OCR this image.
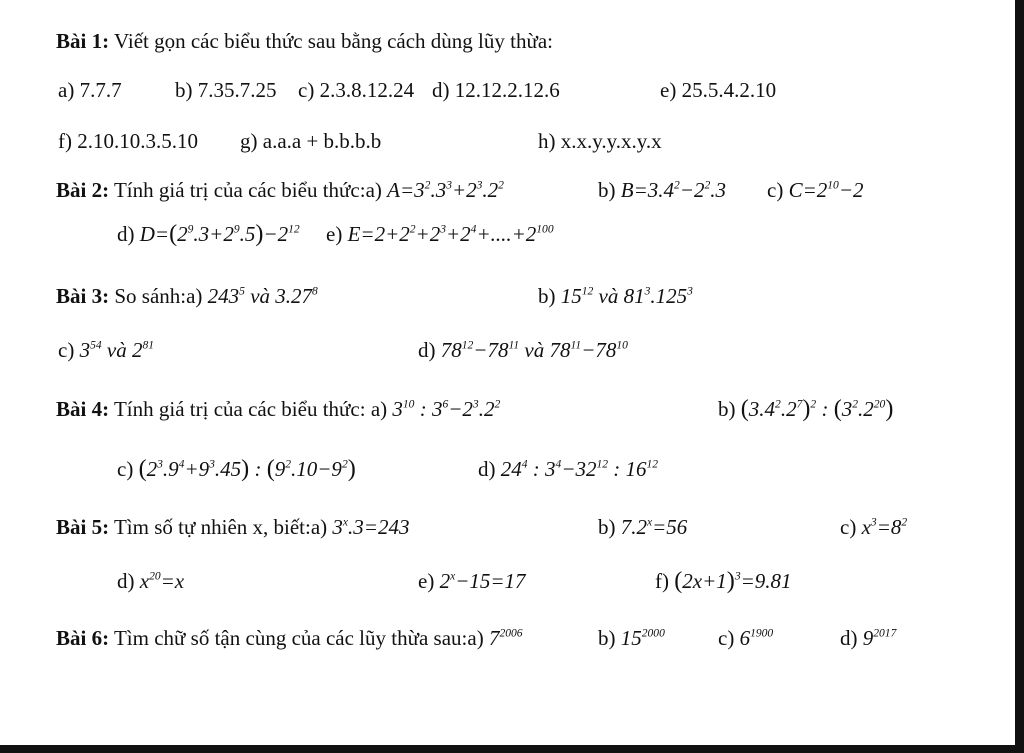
Bài 1: Viết gọn các biểu thức sau bằng cách dùng lũy thừa:
a) 7.7.7	b) 7.35.7.25 c) 2.3.8.12.24 d) 12.12.2.12.6	e) 25.5.4.2.10
f) 2.10.10.3.5.10 g) a.a.a + b.b.b.b	h) x.x.y.y.x.y.x
Bài 2: Tính giá trị của các biểu thức:a) $A=3^2.3^3+2^3.2^2$	b) $B=3.4^2-2^2.3$ c) $C=2^{10}-2$
d) $D=(2^9.3+2^9.5)-2^{12}$ e) $E=2+2^2+2^3+2^4+....+2^{100}$
Bài 3: So sánh:a) $243^5$ và 3.27$^8$	b) $15^{12}$ và $81^3.125^3$
c) $3^{54}$ và $2^{81}$	d) $78^{12}-78^{11}$ và $78^{11}-78^{10}$
Bài 4: Tính giá trị của các biểu thức: a) $3^{10}$ : $3^6-2^3.2^2$	b) $(3.4^2.2^7)^2$ : $(3^2.2^{20})$
c) $(2^3.9^4+9^3.45)$ : $(9^2.10-9^2)$	d) $24^4$ : $3^4-32^{12}$ : $16^{12}$
Bài 5: Tìm số tự nhiên x, biết:a) $3^x.3=243$	b) $7.2^x=56$	c) $x^3=8^2$
d) $x^{20}=x$	e) $2^x-15=17$	f) $(2x+1)^3=9.81$
Bài 6: Tìm chữ số tận cùng của các lũy thừa sau:a) $7^{2006}$	b) $15^{2000}$	c) $6^{1900}$	d) $9^{2017}$
